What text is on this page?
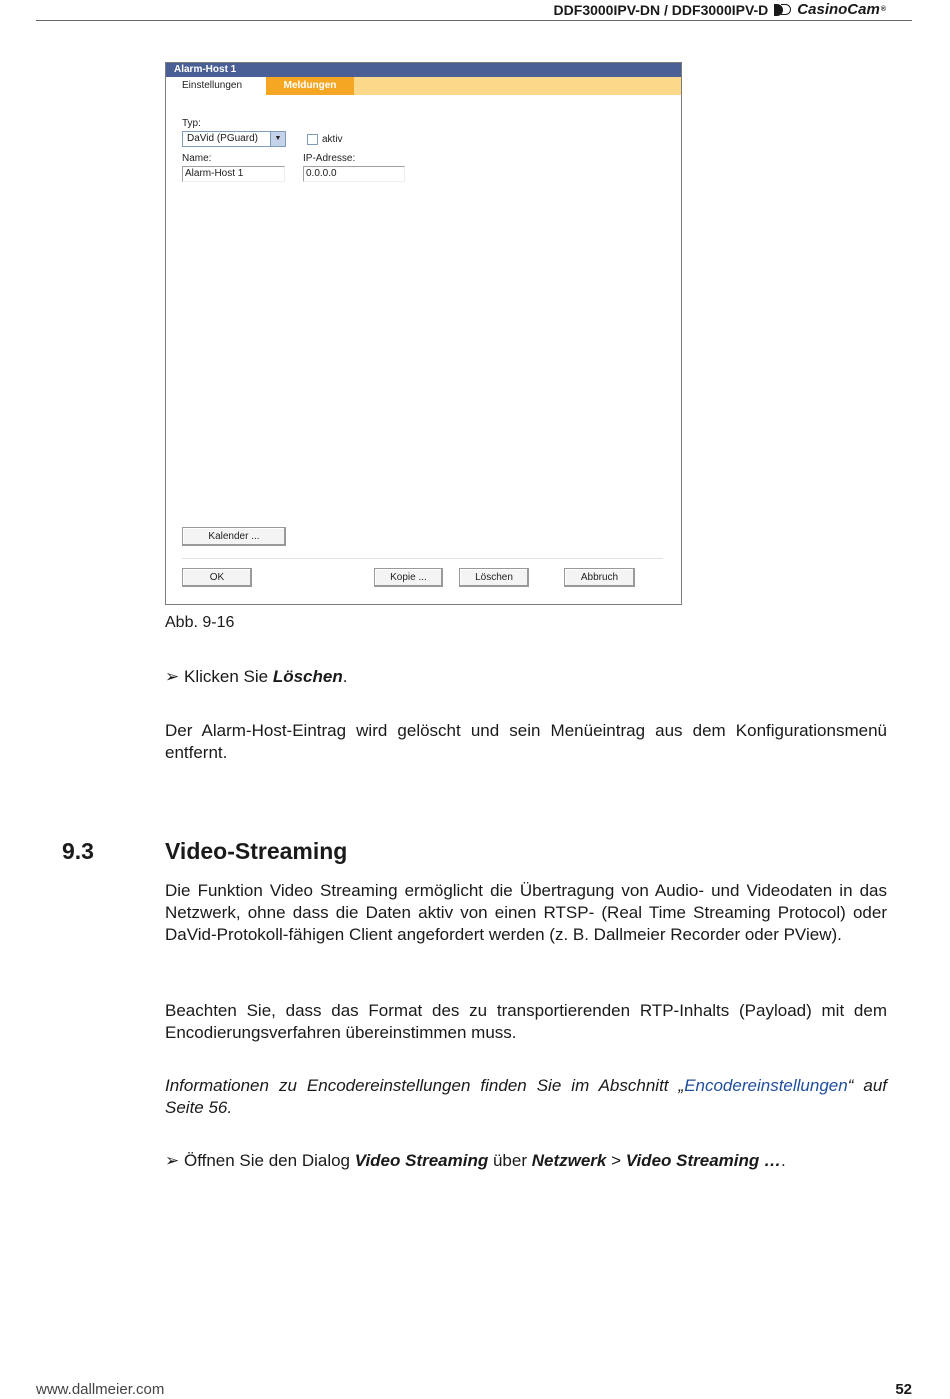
DDF3000IPV-DN / DDF3000IPV-D CasinoCam ®
Alarm-Host 1
Einstellungen	Meldungen
Typ:
DaVid (PGuard)	▼	aktiv
Name:
Alarm-Host 1
IP-Adresse:
0.0.0.0
Kalender ...
OK	Kopie ...	Löschen	Abbruch
Abb. 9-16
➢ Klicken Sie Löschen.
Der Alarm-Host-Eintrag wird gelöscht und sein Menüeintrag aus dem Konfigurationsmenü entfernt.
9.3	Video-Streaming
Die Funktion Video Streaming ermöglicht die Übertragung von Audio- und Videodaten in das Netzwerk, ohne dass die Daten aktiv von einen RTSP- (Real Time Streaming Protocol) oder DaVid-Protokoll-fähigen Client angefordert werden (z. B. Dallmeier Recorder oder PView).
Beachten Sie, dass das Format des zu transportierenden RTP-Inhalts (Payload) mit dem Encodierungsverfahren übereinstimmen muss.
Informationen zu Encodereinstellungen finden Sie im Abschnitt „Encodereinstellungen“ auf Seite 56.
➢ Öffnen Sie den Dialog Video Streaming über Netzwerk > Video Streaming ….
www.dallmeier.com	52
